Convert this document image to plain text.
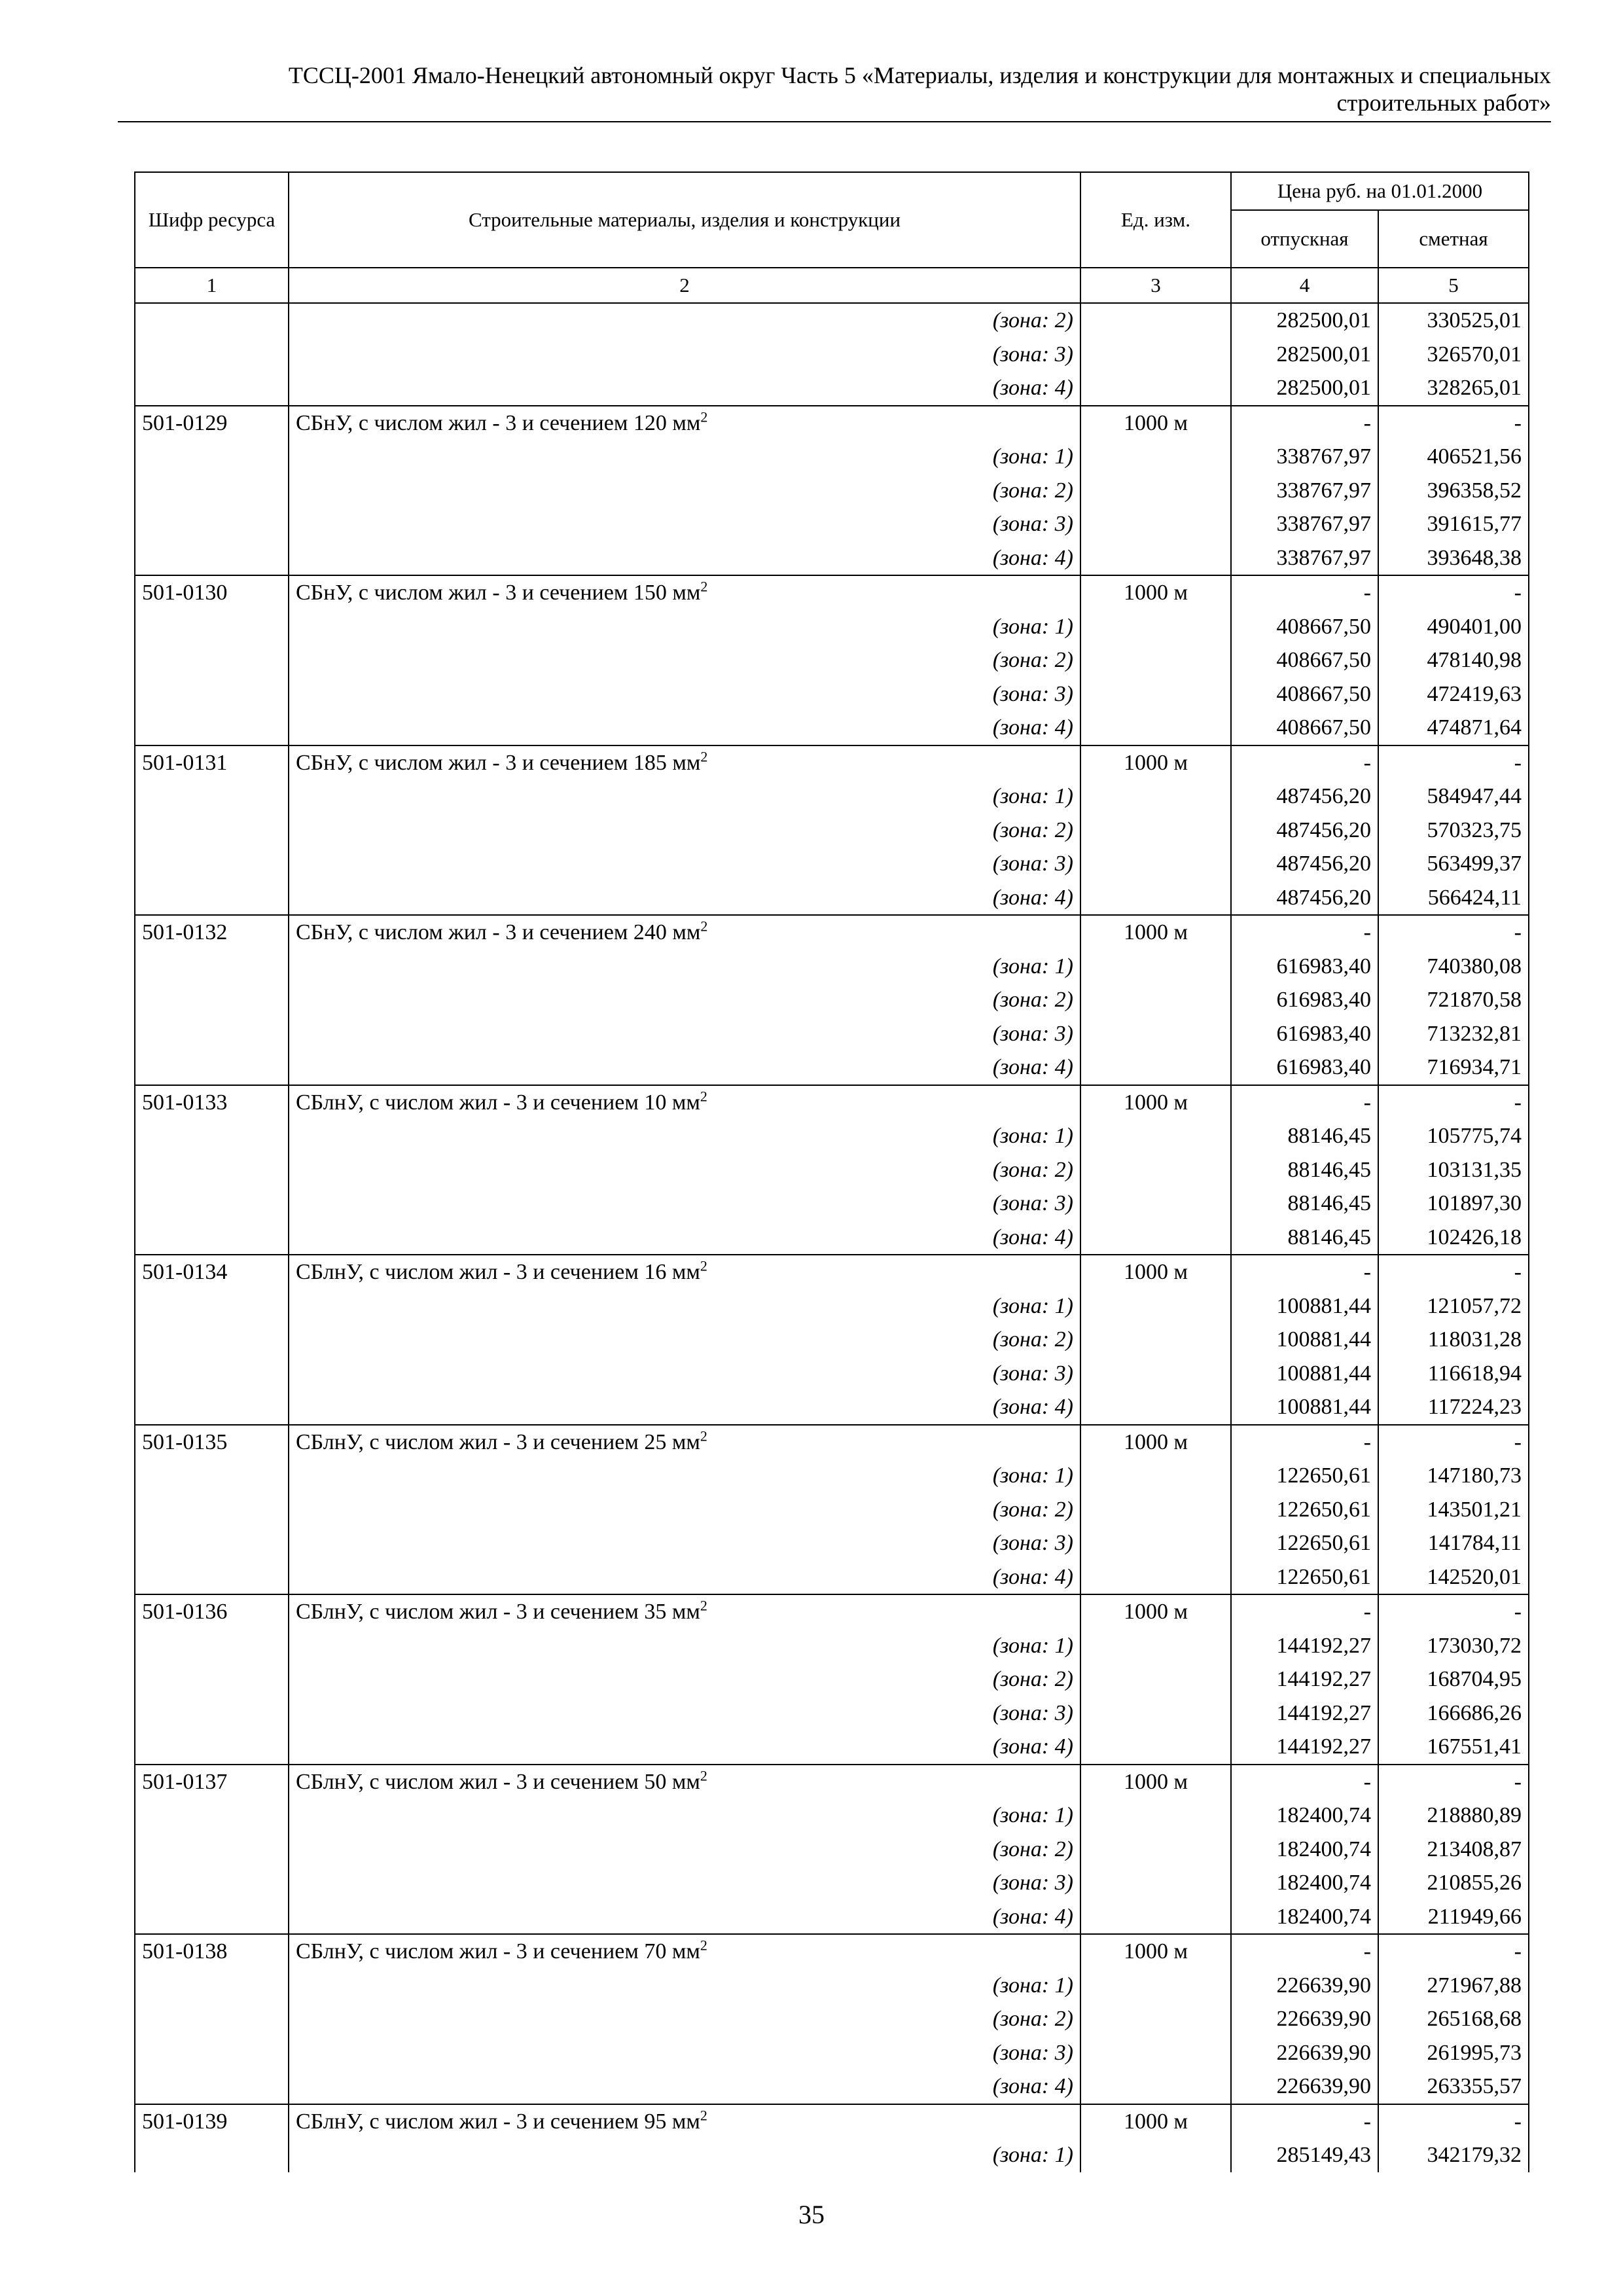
ТССЦ-2001 Ямало-Ненецкий автономный округ Часть 5 «Материалы, изделия и конструкции для монтажных и специальных
строительных работ»
Шифр ресурса	Строительные материалы, изделия и конструкции	Ед. изм.	Цена руб. на 01.01.2000	
			отпускная	сметная
1	2	3	4	5
	(зона: 2)		282500,01	330525,01
	(зона: 3)		282500,01	326570,01
	(зона: 4)		282500,01	328265,01
501-0129	СБнУ, с числом жил - 3 и сечением 120 $мм^2$	1000 м	-	-
	(зона: 1)		338767,97	406521,56
	(зона: 2)		338767,97	396358,52
	(зона: 3)		338767,97	391615,77
	(зона: 4)		338767,97	393648,38
501-0130	СБнУ, с числом жил - 3 и сечением 150 $мм^2$	1000 м	-	-
	(зона: 1)		408667,50	490401,00
	(зона: 2)		408667,50	478140,98
	(зона: 3)		408667,50	472419,63
	(зона: 4)		408667,50	474871,64
501-0131	СБнУ, с числом жил - 3 и сечением 185 $мм^2$	1000 м	-	-
	(зона: 1)		487456,20	584947,44
	(зона: 2)		487456,20	570323,75
	(зона: 3)		487456,20	563499,37
	(зона: 4)		487456,20	566424,11
501-0132	СБнУ, с числом жил - 3 и сечением 240 $мм^2$	1000 м	-	-
	(зона: 1)		616983,40	740380,08
	(зона: 2)		616983,40	721870,58
	(зона: 3)		616983,40	713232,81
	(зона: 4)		616983,40	716934,71
501-0133	СБлнУ, с числом жил - 3 и сечением 10 $мм^2$	1000 м	-	-
	(зона: 1)		88146,45	105775,74
	(зона: 2)		88146,45	103131,35
	(зона: 3)		88146,45	101897,30
	(зона: 4)		88146,45	102426,18
501-0134	СБлнУ, с числом жил - 3 и сечением 16 $мм^2$	1000 м	-	-
	(зона: 1)		100881,44	121057,72
	(зона: 2)		100881,44	118031,28
	(зона: 3)		100881,44	116618,94
	(зона: 4)		100881,44	117224,23
501-0135	СБлнУ, с числом жил - 3 и сечением 25 $мм^2$	1000 м	-	-
	(зона: 1)		122650,61	147180,73
	(зона: 2)		122650,61	143501,21
	(зона: 3)		122650,61	141784,11
	(зона: 4)		122650,61	142520,01
501-0136	СБлнУ, с числом жил - 3 и сечением 35 $мм^2$	1000 м	-	-
	(зона: 1)		144192,27	173030,72
	(зона: 2)		144192,27	168704,95
	(зона: 3)		144192,27	166686,26
	(зона: 4)		144192,27	167551,41
501-0137	СБлнУ, с числом жил - 3 и сечением 50 $мм^2$	1000 м	-	-
	(зона: 1)		182400,74	218880,89
	(зона: 2)		182400,74	213408,87
	(зона: 3)		182400,74	210855,26
	(зона: 4)		182400,74	211949,66
501-0138	СБлнУ, с числом жил - 3 и сечением 70 $мм^2$	1000 м	-	-
	(зона: 1)		226639,90	271967,88
	(зона: 2)		226639,90	265168,68
	(зона: 3)		226639,90	261995,73
	(зона: 4)		226639,90	263355,57
501-0139	СБлнУ, с числом жил - 3 и сечением 95 $мм^2$	1000 м	-	-
	(зона: 1)		285149,43	342179,32
35
